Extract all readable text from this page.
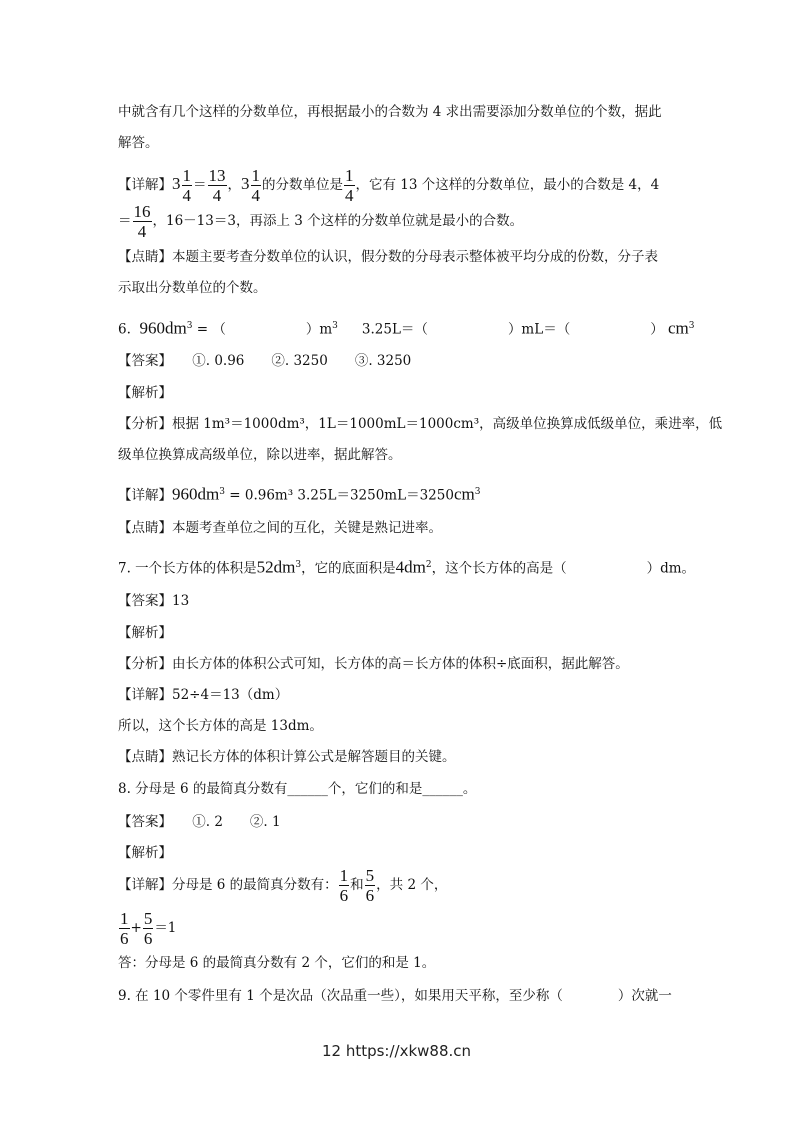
中就含有几个这样的分数单位，再根据最小的合数为 4 求出需要添加分数单位的个数，据此
解答。
【详解】$3 \frac{1}{4} = \frac{13}{4}$ ，$3 \frac{1}{4}$ 的分数单位是 $\frac{1}{4}$ ，它有 13 个这样的分数单位，最小的合数是 4，4
＝ $\frac{16}{4}$ ，16－13＝3，再添上 3 个这样的分数单位就是最小的合数。
【点睛】本题主要考查分数单位的认识，假分数的分母表示整体被平均分成的份数，分子表
示取出分数单位的个数。
6. $960dm^3$ = （	）$m^3$ 3.25L＝（	）mL＝（	） $cm^3$
【答案】　　①. 0.96　　②. 3250　　③. 3250
【解析】
【分析】根据 1m³＝1000dm³，1L＝1000mL＝1000cm³，高级单位换算成低级单位，乘进率，低
级单位换算成高级单位，除以进率，据此解答。
【详解】$960dm^3 = 0.96m^3$ $3.25L=3250mL=3250cm^3$
【点睛】本题考查单位之间的互化，关键是熟记进率。
7. 一个长方体的体积是$52dm^3$，它的底面积是$4dm^2$，这个长方体的高是（	）dm。
【答案】13
【解析】
【分析】由长方体的体积公式可知，长方体的高＝长方体的体积÷底面积，据此解答。
【详解】52÷4＝13（dm）
所以，这个长方体的高是 13dm。
【点睛】熟记长方体的体积计算公式是解答题目的关键。
8. 分母是 6 的最简真分数有______个，它们的和是______。
【答案】　　①. 2　　②. 1
【解析】
【详解】分母是 6 的最简真分数有： $\frac{1}{6}$ 和 $\frac{5}{6}$ ，共 2 个，
$\frac{1}{6} + \frac{5}{6} =1$
答：分母是 6 的最简真分数有 2 个，它们的和是 1。
9. 在 10 个零件里有 1 个是次品（次品重一些），如果用天平称，至少称（	）次就一
12 https://xkw88.cn
